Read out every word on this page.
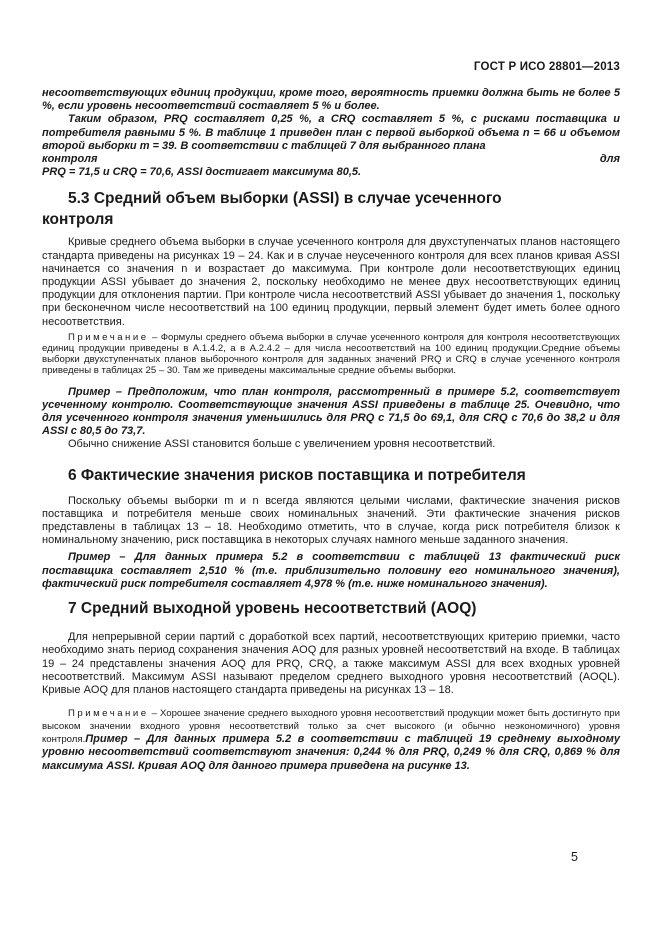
ГОСТ Р ИСО 28801—2013

несоответствующих единиц продукции, кроме того, вероятность приемки должна быть не более 5 %, если уровень несоответствий составляет 5 % и более.

Таким образом, PRQ составляет 0,25 %, а CRQ составляет 5 %, с рисками поставщика и потребителя равными 5 %. В таблице 1 приведен план с первой выборкой объема n = 66 и объемом второй выборки m = 39. В соответствии с таблицей 7 для выбранного плана

контроля	для

PRQ = 71,5 и CRQ = 70,6, ASSI достигает максимума 80,5.

5.3 Средний объем выборки (ASSI) в случае усеченного контроля

Кривые среднего объема выборки в случае усеченного контроля для двухступенчатых планов настоящего стандарта приведены на рисунках 19 – 24. Как и в случае неусеченного контроля для всех планов кривая ASSI начинается со значения n и возрастает до максимума. При контроле доли несоответствующих единиц продукции ASSI убывает до значения 2, поскольку необходимо не менее двух несоответствующих единиц продукции для отклонения партии. При контроле числа несоответствий ASSI убывает до значения 1, поскольку при бесконечном числе несоответствий на 100 единиц продукции, первый элемент будет иметь более одного несоответствия.

Примечание – Формулы среднего объема выборки в случае усеченного контроля для контроля несоответствующих единиц продукции приведены в А.1.4.2, а в А.2.4.2 – для числа несоответствий на 100 единиц продукции.Средние объемы выборки двухступенчатых планов выборочного контроля для заданных значений PRQ и CRQ в случае усеченного контроля приведены в таблицах 25 – 30. Там же приведены максимальные средние объемы выборки.

Пример – Предположим, что план контроля, рассмотренный в примере 5.2, соответствует усеченному контролю. Соответствующие значения ASSI приведены в таблице 25. Очевидно, что для усеченного контроля значения уменьшились для PRQ с 71,5 до 69,1, для CRQ с 70,6 до 38,2 и для ASSI с 80,5 до 73,7.

Обычно снижение ASSI становится больше с увеличением уровня несоответствий.

6 Фактические значения рисков поставщика и потребителя

Поскольку объемы выборки m и n всегда являются целыми числами, фактические значения рисков поставщика и потребителя меньше своих номинальных значений. Эти фактические значения рисков представлены в таблицах 13 – 18. Необходимо отметить, что в случае, когда риск потребителя близок к номинальному значению, риск поставщика в некоторых случаях намного меньше заданного значения.

Пример – Для данных примера 5.2 в соответствии с таблицей 13 фактический риск поставщика составляет 2,510 % (т.е. приблизительно половину его номинального значения), фактический риск потребителя составляет 4,978 % (т.е. ниже номинального значения).

7 Средний выходной уровень несоответствий (AOQ)

Для непрерывной серии партий с доработкой всех партий, несоответствующих критерию приемки, часто необходимо знать период сохранения значения AOQ для разных уровней несоответствий на входе. В таблицах 19 – 24 представлены значения AOQ для PRQ, CRQ, а также максимум ASSI для всех входных уровней несоответствий. Максимум ASSI называют пределом среднего выходного уровня несоответствий (AOQL). Кривые AOQ для планов настоящего стандарта приведены на рисунках 13 – 18.

Примечание – Хорошее значение среднего выходного уровня несоответствий продукции может быть достигнуто при высоком значении входного уровня несоответствий только за счет высокого (и обычно неэкономичного) уровня контроля.Пример – Для данных примера 5.2 в соответствии с таблицей 19 среднему выходному уровню несоответствий соответствуют значения: 0,244 % для PRQ, 0,249 % для CRQ, 0,869 % для максимума ASSI. Кривая AOQ для данного примера приведена на рисунке 13.

5
